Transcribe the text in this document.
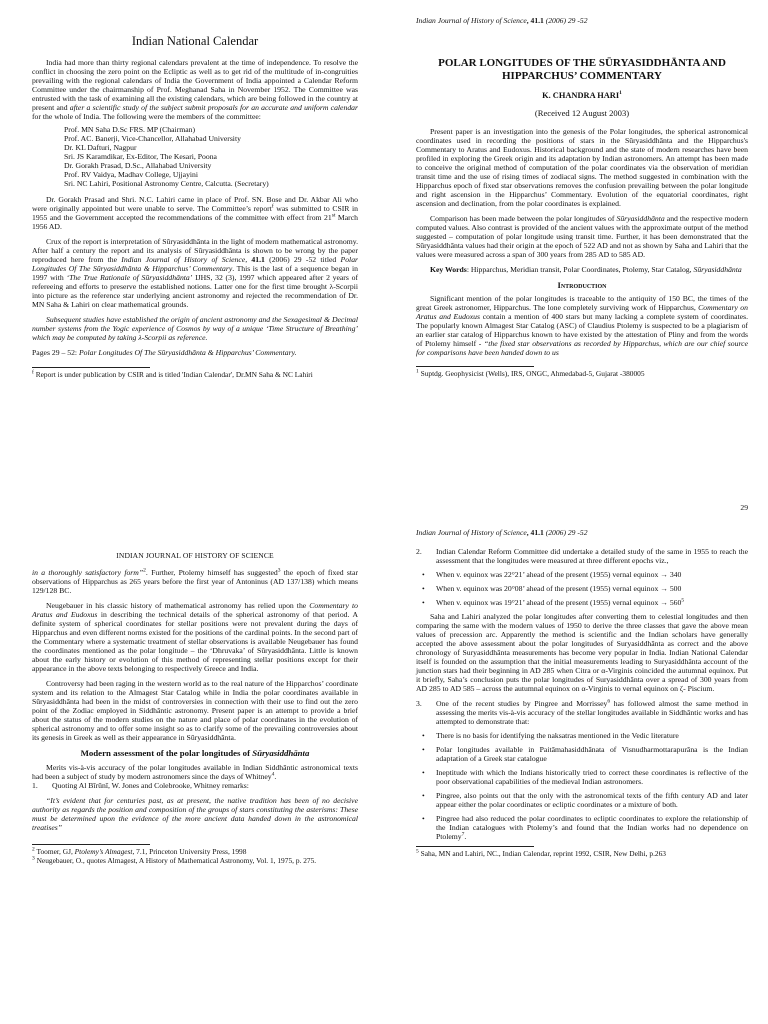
Indian National Calendar

India had more than thirty regional calendars prevalent at the time of independence. To resolve the conflict in choosing the zero point on the Ecliptic as well as to get rid of the multitude of in-congruities prevailing with the regional calendars of India the Government of India appointed a Calendar Reform Committee under the chairmanship of Prof. Meghanad Saha in November 1952. The Committee was entrusted with the task of examining all the existing calendars, which are being followed in the country at present and after a scientific study of the subject submit proposals for an accurate and uniform calendar for the whole of India. The following were the members of the committee:

Prof. MN Saha D.Sc FRS. MP (Chairman)
Prof. AC. Banerji, Vice-Chancellor, Allahabad University
Dr. KL Dafturi, Nagpur
Sri. JS Karamdikar, Ex-Editor, The Kesari, Poona
Dr. Gorakh Prasad, D.Sc., Allahabad University
Prof. RV Vaidya, Madhav College, Ujjayini
Sri. NC Lahiri, Positional Astronomy Centre, Calcutta. (Secretary)

Dr. Gorakh Prasad and Shri. N.C. Lahiri came in place of Prof. SN. Bose and Dr. Akbar Ali who were originally appointed but were unable to serve. The Committee’s report$^f$ was submitted to CSIR in 1955 and the Government accepted the recommendations of the committee with effect from 21st March 1956 AD.

Crux of the report is interpretation of Sūryasiddhānta in the light of modern mathematical astronomy. After half a century the report and its analysis of Sūryasiddhānta is shown to be wrong by the paper reproduced here from the Indian Journal of History of Science, 41.1 (2006) 29 -52 titled Polar Longitudes Of The Sūryasiddhānta & Hipparchus’ Commentary. This is the last of a sequence began in 1997 with ‘The True Rationale of Sūryasiddhānta’ IJHS, 32 (3), 1997 which appeared after 2 years of refereeing and efforts to preserve the established notions. Latter one for the first time brought λ-Scorpii into picture as the reference star underlying ancient astronomy and rejected the recommendation of Dr. MN Saha & Lahiri on clear mathematical grounds.

Subsequent studies have established the origin of ancient astronomy and the Sexagesimal & Decimal number systems from the Yogic experience of Cosmos by way of a unique ‘Time Structure of Breathing’ which may be computed by taking λ-Scorpii as reference.

Pages 29 – 52: Polar Longitudes Of The Sūryasiddhānta & Hipparchus’ Commentary.

$^f$ Report is under publication by CSIR and is titled 'Indian Calendar', Dr.MN Saha & NC Lahiri

Indian Journal of History of Science, 41.1 (2006) 29 -52
POLAR LONGITUDES OF THE SŪRYASIDDHĀNTA AND HIPPARCHUS’ COMMENTARY
K. CHANDRA HARI$^1$
(Received 12 August 2003)

Present paper is an investigation into the genesis of the Polar longitudes, the spherical astronomical coordinates used in recording the positions of stars in the Sūryasiddhānta and the Hipparchus's Commentary to Aratus and Eudoxus. Historical background and the state of modern researches have been profiled in exploring the Greek origin and its adaptation by Indian astronomers. An attempt has been made to conceive the original method of computation of the polar coordinates via the observation of meridian transit time and the use of rising times of zodiacal signs. The method suggested in combination with the Hipparchus epoch of fixed star observations removes the confusion prevailing between the polar longitude and right ascension in the Hipparchus’ Commentary. Evolution of the equatorial coordinates, right ascension and declination, from the polar coordinates is explained.

Comparison has been made between the polar longitudes of Sūryasiddhānta and the respective modern computed values. Also contrast is provided of the ancient values with the approximate output of the method suggested – computation of polar longitude using transit time. Further, it has been demonstrated that the Sūryasiddhānta values had their origin at the epoch of 522 AD and not as shown by Saha and Lahiri that the values were measured across a span of 300 years from 285 AD to 585 AD.

Key Words: Hipparchus, Meridian transit, Polar Coordinates, Ptolemy, Star Catalog, Sūryasiddhānta

Introduction

Significant mention of the polar longitudes is traceable to the antiquity of 150 BC, the times of the great Greek astronomer, Hipparchus. The lone completely surviving work of Hipparchus, Commentary on Aratus and Eudoxus contain a mention of 400 stars but many lacking a complete system of coordinates. The popularly known Almagest Star Catalog (ASC) of Claudius Ptolemy is suspected to be a plagiarism of an earlier star catalog of Hipparchus known to have existed by the attestation of Pliny and from the words of Ptolemy himself - “the fixed star observations as recorded by Hipparchus, which are our chief source for comparisons have been handed down to us

$^1$ Suptdg. Geophysicist (Wells), IRS, ONGC, Ahmedabad-5, Gujarat -380005

29
INDIAN JOURNAL OF HISTORY OF SCIENCE

in a thoroughly satisfactory form”$^2$. Further, Ptolemy himself has suggested$^3$ the epoch of fixed star observations of Hipparchus as 265 years before the first year of Antoninus (AD 137/138) which means 129/128 BC.

Neugebauer in his classic history of mathematical astronomy has relied upon the Commentary to Aratus and Eudoxus in describing the technical details of the spherical astronomy of that period. A definite system of spherical coordinates for stellar positions were not prevalent during the days of Hipparchus and even different norms existed for the positions of the cardinal points. In the second part of the Commentary where a systematic treatment of stellar observations is available Neugebauer has found the coordinates mentioned as the polar longitude – the ‘Dhruvaka’ of Sūryasiddhānta. Little is known about the early history or evolution of this method of representing stellar positions except for their appearance in the above texts belonging to respectively Greece and India.

Controversy had been raging in the western world as to the real nature of the Hipparchos’ coordinate system and its relation to the Almagest Star Catalog while in India the polar coordinates available in Sūryasiddhānta had been in the midst of controversies in connection with their use to find out the zero point of the Zodiac employed in Siddhāntic astronomy. Present paper is an attempt to provide a brief about the status of the modern studies on the nature and place of polar coordinates in the evolution of spherical astronomy and to offer some insight so as to clarify some of the prevailing controversies about its genesis in Greek as well as their appearance in Sūryasiddhānta.

Modern assessment of the polar longitudes of Sūryasiddhānta

Merits vis-à-vis accuracy of the polar longitudes available in Indian Siddhāntic astronomical texts had been a subject of study by modern astronomers since the days of Whitney$^4$.

1. Quoting Al Bīrūnī, W. Jones and Colebrooke, Whitney remarks:

“It’s evident that for centuries past, as at present, the native tradition has been of no decisive authority as regards the position and composition of the groups of stars constituting the asterisms: These must be determined upon the evidence of the more ancient data handed down in the astronomical treatises”

$^2$ Toomer, GJ, Ptolemy’s Almagest, 7.1, Princeton University Press, 1998

$^3$ Neugebauer, O., quotes Almagest, A History of Mathematical Astronomy, Vol. 1, 1975, p. 275.

Indian Journal of History of Science, 41.1 (2006) 29 -52
2. Indian Calendar Reform Committee did undertake a detailed study of the same in 1955 to reach the assessment that the longitudes were measured at three different epochs viz.,
• When v. equinox was 22°21’ ahead of the present (1955) vernal equinox → 340
• When v. equinox was 20°08’ ahead of the present (1955) vernal equinox → 500
• When v. equinox was 19°21’ ahead of the present (1955) vernal equinox → $560^5$

Saha and Lahiri analyzed the polar longitudes after converting them to celestial longitudes and then comparing the same with the modern values of 1950 to derive the three classes that gave the above mean values of precession arc. Apparently the method is scientific and the Indian scholars have generally accepted the above assessment about the polar longitudes of Suryasiddhānta as correct and the above chronology of Suryasiddhānta measurements has become very popular in India. Indian National Calendar itself is founded on the assumption that the initial measurements leading to Suryasiddhānta account of the junction stars had their beginning in AD 285 when Citra or α-Virginis coincided the autumnal equinox. Put it briefly, Saha’s conclusion puts the polar longitudes of Suryasiddhānta over a spread of 300 years from AD 285 to AD 585 – across the autumnal equinox on α-Virginis to vernal equinox on ζ- Piscium.

3. One of the recent studies by Pingree and Morrissey$^6$ has followed almost the same method in assessing the merits vis-à-vis accuracy of the stellar longitudes available in Siddhāntic works and has attempted to demonstrate that:
• There is no basis for identifying the naksatras mentioned in the Vedic literature
• Polar longitudes available in Paitāmahasiddhānata of Visnudharmottarapurāna is the Indian adaptation of a Greek star catalogue
• Ineptitude with which the Indians historically tried to correct these coordinates is reflective of the poor observational capabilities of the medieval Indian astronomers.
• Pingree, also points out that the only with the astronomical texts of the fifth century AD and later appear either the polar coordinates or ecliptic coordinates or a mixture of both.
• Pingree had also reduced the polar coordinates to ecliptic coordinates to explore the relationship of the Indian catalogues with Ptolemy’s and found that the Indian works had no dependence on Ptolemy$^7$.

$^5$ Saha, MN and Lahiri, NC., Indian Calendar, reprint 1992, CSIR, New Delhi, p.263
